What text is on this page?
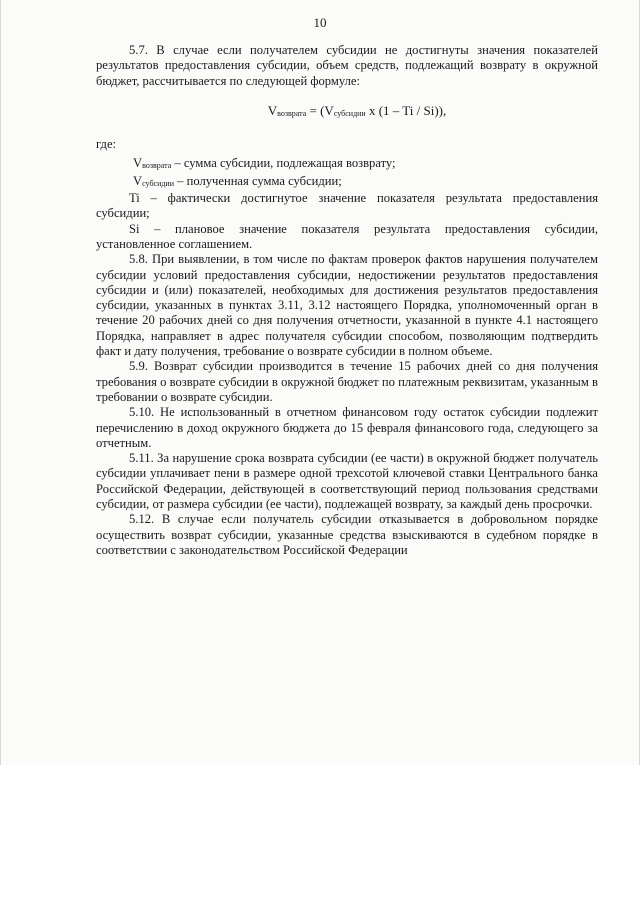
10

5.7. В случае если получателем субсидии не достигнуты значения показателей результатов предоставления субсидии, объем средств, подлежащий возврату в окружной бюджет, рассчитывается по следующей формуле:

$V_{возврата} = (V_{субсидии}$ x (1 – Ti / Si)),

где:

$V_{возврата}$ – сумма субсидии, подлежащая возврату;

$V_{субсидии}$ – полученная сумма субсидии;

Ti – фактически достигнутое значение показателя результата предоставления субсидии;

Si – плановое значение показателя результата предоставления субсидии, установленное соглашением.

5.8. При выявлении, в том числе по фактам проверок фактов нарушения получателем субсидии условий предоставления субсидии, недостижении результатов предоставления субсидии и (или) показателей, необходимых для достижения результатов предоставления субсидии, указанных в пунктах 3.11, 3.12 настоящего Порядка, уполномоченный орган в течение 20 рабочих дней со дня получения отчетности, указанной в пункте 4.1 настоящего Порядка, направляет в адрес получателя субсидии способом, позволяющим подтвердить факт и дату получения, требование о возврате субсидии в полном объеме.

5.9. Возврат субсидии производится в течение 15 рабочих дней со дня получения требования о возврате субсидии в окружной бюджет по платежным реквизитам, указанным в требовании о возврате субсидии.

5.10. Не использованный в отчетном финансовом году остаток субсидии подлежит перечислению в доход окружного бюджета до 15 февраля финансового года, следующего за отчетным.

5.11. За нарушение срока возврата субсидии (ее части) в окружной бюджет получатель субсидии уплачивает пени в размере одной трехсотой ключевой ставки Центрального банка Российской Федерации, действующей в соответствующий период пользования средствами субсидии, от размера субсидии (ее части), подлежащей возврату, за каждый день просрочки.

5.12. В случае если получатель субсидии отказывается в добровольном порядке осуществить возврат субсидии, указанные средства взыскиваются в судебном порядке в соответствии с законодательством Российской Федерации
